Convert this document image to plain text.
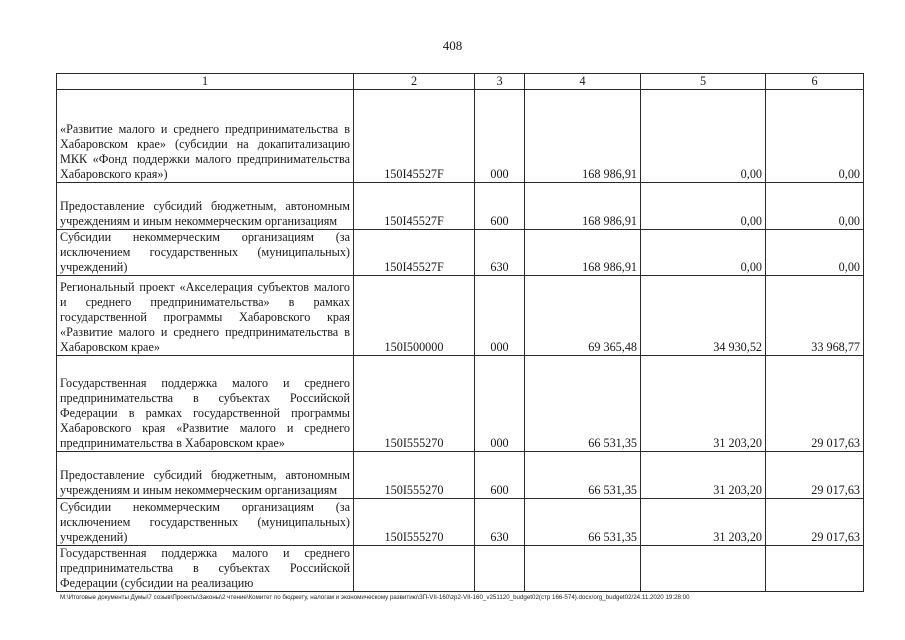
408
1	2	3	4	5	6
«Развитие малого и среднего предпринимательства в Хабаровском крае» (субсидии на докапитализацию МКК «Фонд поддержки малого предпринимательства Хабаровского края»)	150I45527F	000	168 986,91	0,00	0,00
Предоставление субсидий бюджетным, автономным учреждениям и иным некоммерческим организациям	150I45527F	600	168 986,91	0,00	0,00
Субсидии некоммерческим организациям (за исключением государственных (муниципальных) учреждений)	150I45527F	630	168 986,91	0,00	0,00
Региональный проект «Акселерация субъектов малого и среднего предпринимательства» в рамках государственной программы Хабаровского края «Развитие малого и среднего предпринимательства в Хабаровском крае»	150I500000	000	69 365,48	34 930,52	33 968,77
Государственная поддержка малого и среднего предпринимательства в субъектах Российской Федерации в рамках государственной программы Хабаровского края «Развитие малого и среднего предпринимательства в Хабаровском крае»	150I555270	000	66 531,35	31 203,20	29 017,63
Предоставление субсидий бюджетным, автономным учреждениям и иным некоммерческим организациям	150I555270	600	66 531,35	31 203,20	29 017,63
Субсидии некоммерческим организациям (за исключением государственных (муниципальных) учреждений)	150I555270	630	66 531,35	31 203,20	29 017,63
Государственная поддержка малого и среднего предпринимательства в субъектах Российской Федерации (субсидии на реализацию					
M:\Итоговые документы Думы\7 созыв\Проекты\Законы\2 чтение\Комитет по бюджету, налогам и экономическому развитию\ЗП-VII-160\zp2-VII-160_v251120_budget02(стр 166-574).docx/org_budget02/24.11.2020 19:28:00
